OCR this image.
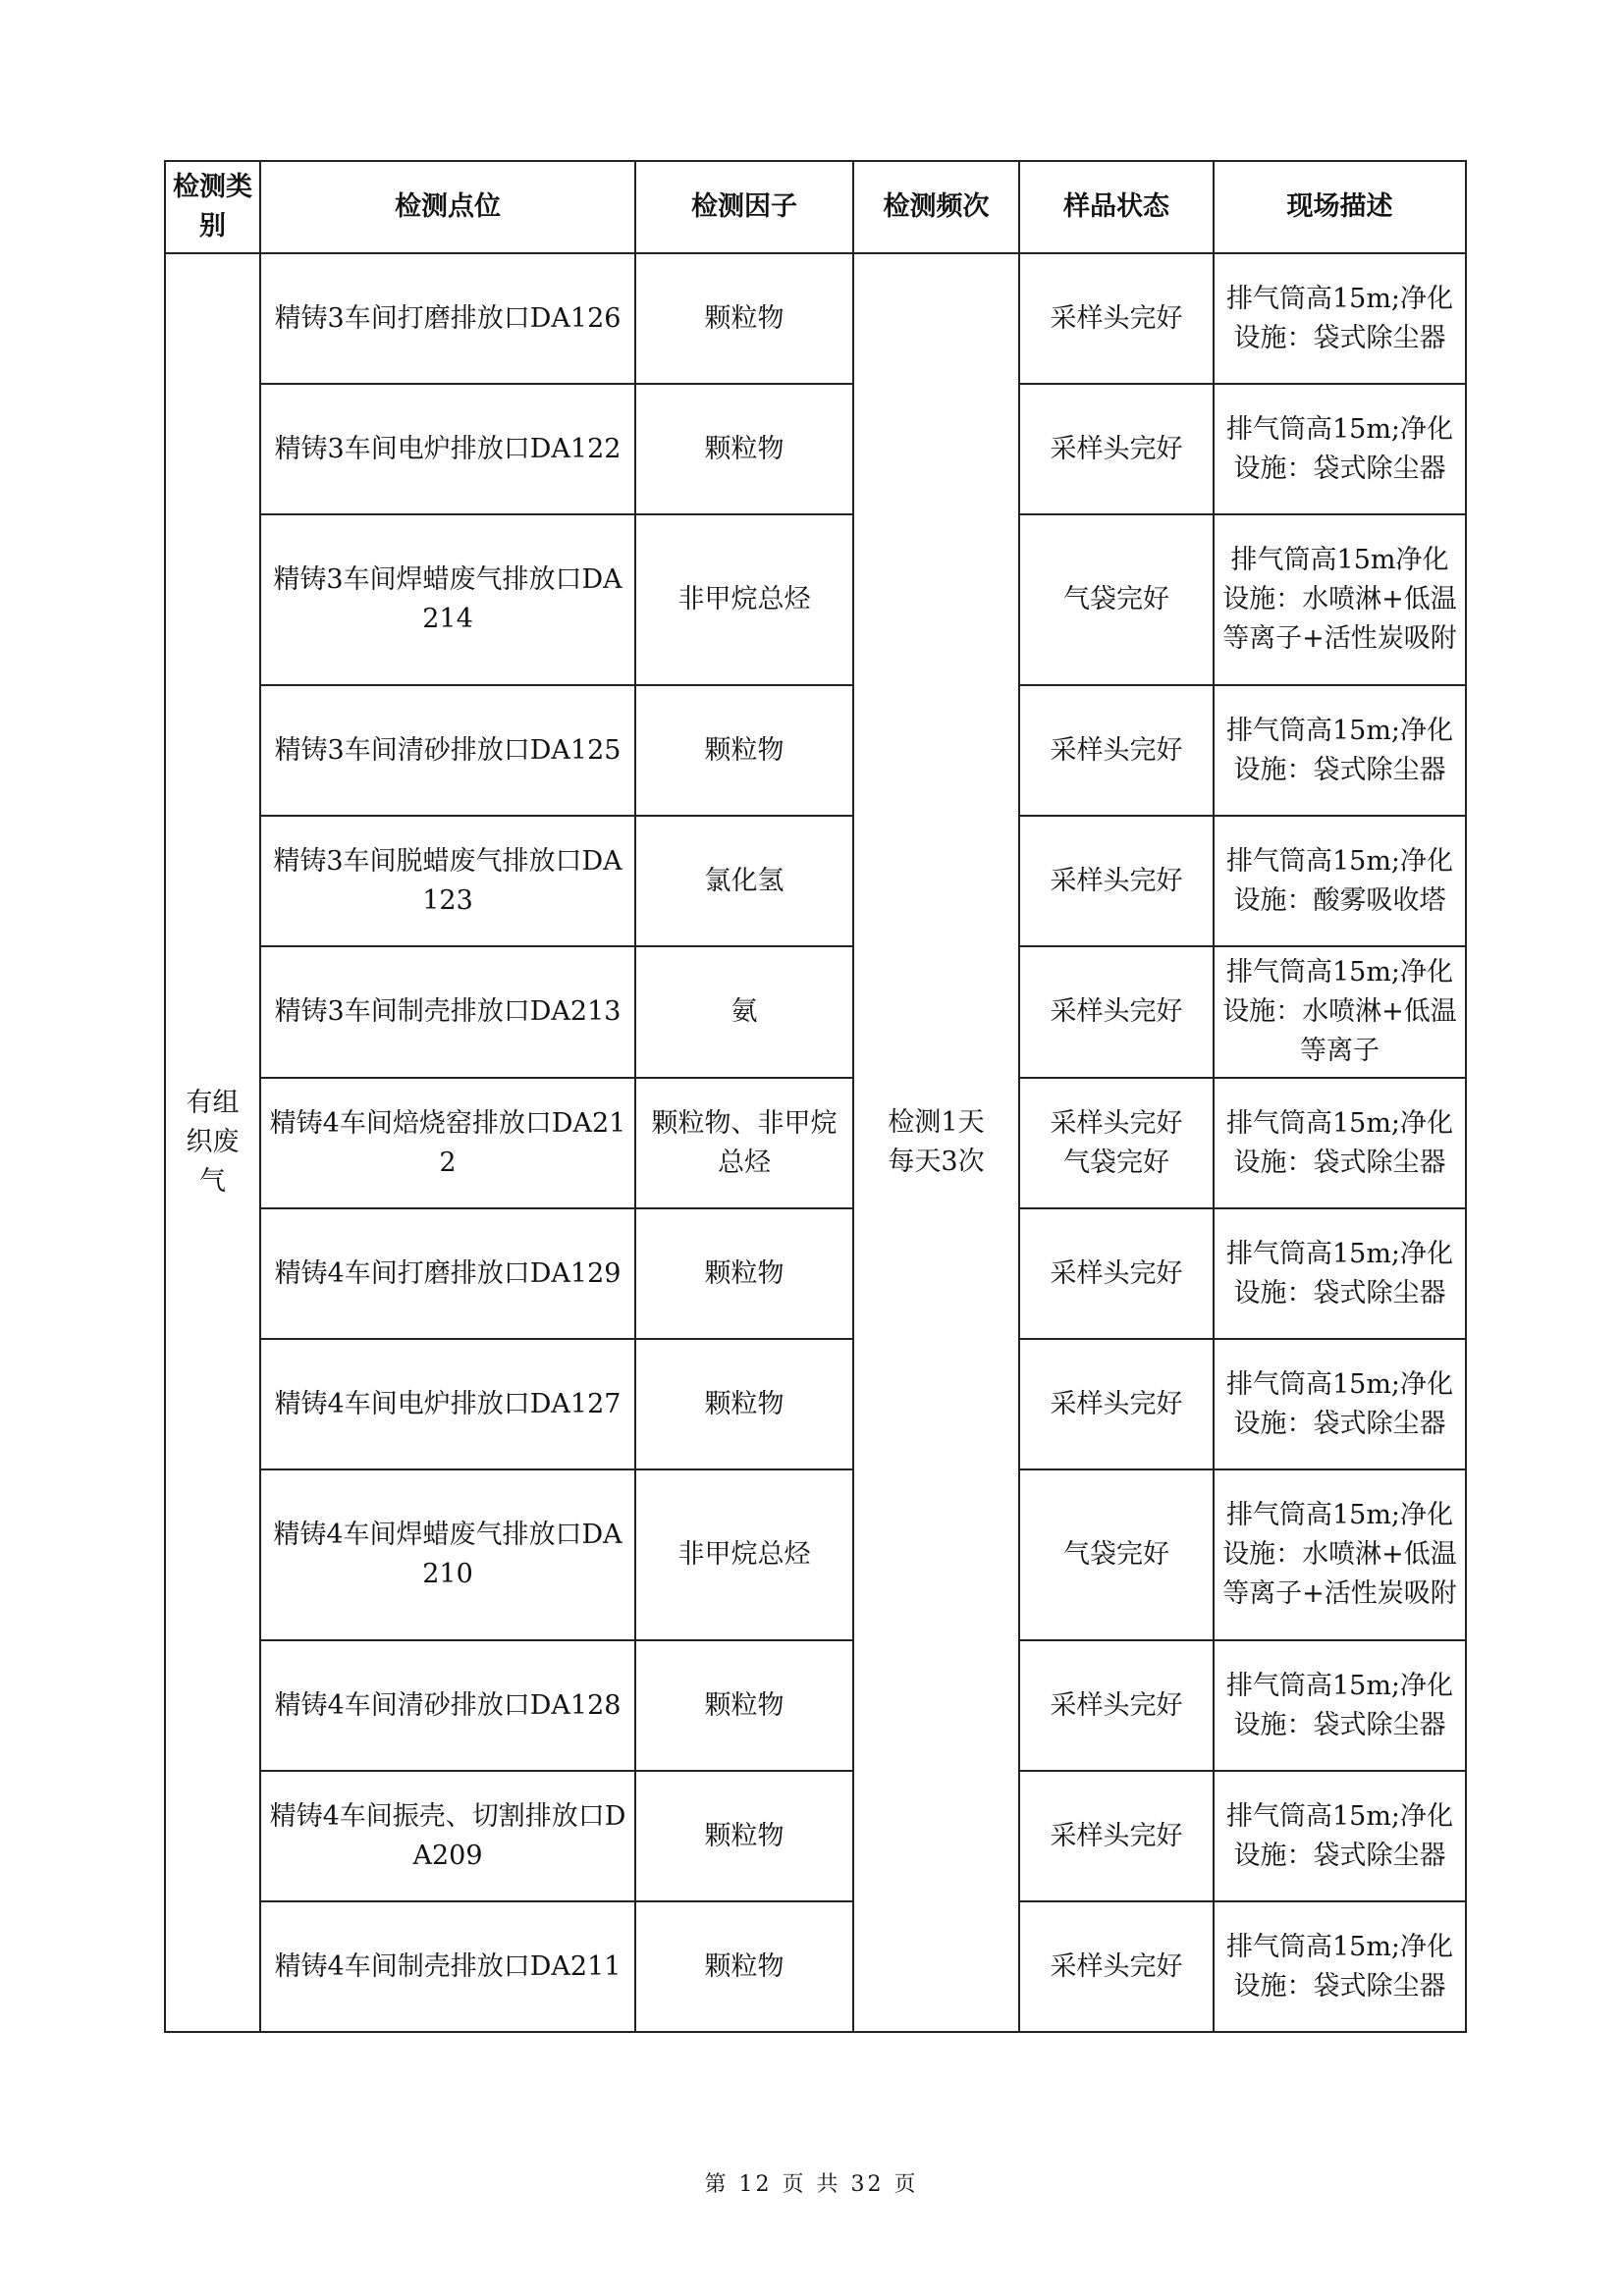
检测类别	检测点位	检测因子	检测频次	样品状态	现场描述
有组织废气	精铸3车间打磨排放口DA126	颗粒物	检测1天每天3次	采样头完好	排气筒高15m;净化设施：袋式除尘器
	精铸3车间电炉排放口DA122	颗粒物		采样头完好	排气筒高15m;净化设施：袋式除尘器
	精铸3车间焊蜡废气排放口DA214	非甲烷总烃		气袋完好	排气筒高15m净化设施：水喷淋+低温等离子+活性炭吸附
	精铸3车间清砂排放口DA125	颗粒物		采样头完好	排气筒高15m;净化设施：袋式除尘器
	精铸3车间脱蜡废气排放口DA123	氯化氢		采样头完好	排气筒高15m;净化设施：酸雾吸收塔
	精铸3车间制壳排放口DA213	氨		采样头完好	排气筒高15m;净化设施：水喷淋+低温等离子
	精铸4车间焙烧窑排放口DA212	颗粒物、非甲烷总烃		采样头完好气袋完好	排气筒高15m;净化设施：袋式除尘器
	精铸4车间打磨排放口DA129	颗粒物		采样头完好	排气筒高15m;净化设施：袋式除尘器
	精铸4车间电炉排放口DA127	颗粒物		采样头完好	排气筒高15m;净化设施：袋式除尘器
	精铸4车间焊蜡废气排放口DA210	非甲烷总烃		气袋完好	排气筒高15m;净化设施：水喷淋+低温等离子+活性炭吸附
	精铸4车间清砂排放口DA128	颗粒物		采样头完好	排气筒高15m;净化设施：袋式除尘器
	精铸4车间振壳、切割排放口DA209	颗粒物		采样头完好	排气筒高15m;净化设施：袋式除尘器
	精铸4车间制壳排放口DA211	颗粒物		采样头完好	排气筒高15m;净化设施：袋式除尘器
第 12 页 共 32 页
